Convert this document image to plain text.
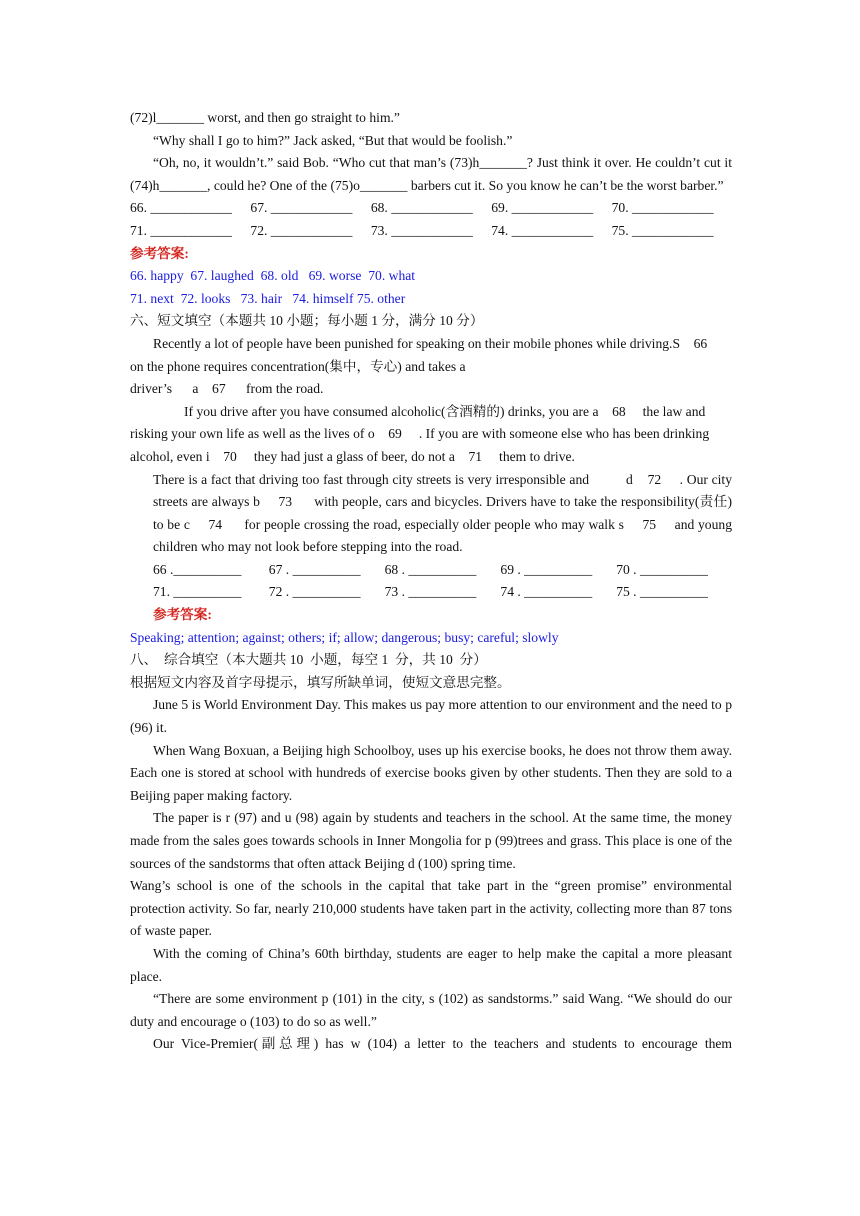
(72)l_______ worst, and then go straight to him.”

“Why shall I go to him?” Jack asked, “But that would be foolish.”

“Oh, no, it wouldn’t.” said Bob. “Who cut that man’s (73)h_______? Just think it over. He couldn’t cut it (74)h_______, could he? One of the (75)o_______ barbers cut it. So you know he can’t be the worst barber.”

66. ____________	67. ____________	68. ____________	69. ____________	70. ____________
71. ____________	72. ____________	73. ____________	74. ____________	75. ____________

参考答案:

66. happy  67. laughed  68. old   69. worse  70. what

71. next  72. looks   73. hair   74. himself 75. other

六、短文填空（本题共 10 小题；每小题 1 分，满分 10 分）

Recently a lot of people have been punished for speaking on their mobile phones while driving.S    66     on the phone requires concentration(集中，专心) and takes a

driver’s      a    67      from the road.

If you drive after you have consumed alcoholic(含酒精的) drinks, you are a    68     the law and risking your own life as well as the lives of o    69     . If you are with someone else who has been drinking alcohol, even i    70     they had just a glass of beer, do not a    71     them to drive.

There is a fact that driving too fast through city streets is very irresponsible and          d    72     . Our city streets are always b     73      with people, cars and bicycles. Drivers have to take the responsibility(责任) to be c     74      for people crossing the road, especially older people who may walk s     75     and young children who may not look before stepping into the road.

66 .__________	67 . __________	68 . __________	69 . __________	70 . __________
71. __________	72 . __________	73 . __________	74 . __________	75 . __________

参考答案:

Speaking; attention; against; others; if; allow; dangerous; busy; careful; slowly

八、  综合填空（本大题共 10  小题，每空 1  分，共 10  分）

根据短文内容及首字母提示，填写所缺单词，使短文意思完整。

June 5 is World Environment Day. This makes us pay more attention to our environment and the need to p (96) it.

When Wang Boxuan, a Beijing high Schoolboy, uses up his exercise books, he does not throw them away. Each one is stored at school with hundreds of exercise books given by other students. Then they are sold to a Beijing paper making factory.

The paper is r (97) and u (98) again by students and teachers in the school. At the same time, the money made from the sales goes towards schools in Inner Mongolia for p (99)trees and grass. This place is one of the sources of the sandstorms that often attack Beijing d (100) spring time.

Wang’s school is one of the schools in the capital that take part in the “green promise” environmental protection activity. So far, nearly 210,000 students have taken part in the activity, collecting more than 87 tons of waste paper.

With the coming of China’s 60th birthday, students are eager to help make the capital a more pleasant place.

“There are some environment p (101) in the city, s (102) as sandstorms.” said Wang. “We should do our duty and encourage o (103) to do so as well.”

Our Vice-Premier(副总理) has w (104) a letter to the teachers and students to encourage them
